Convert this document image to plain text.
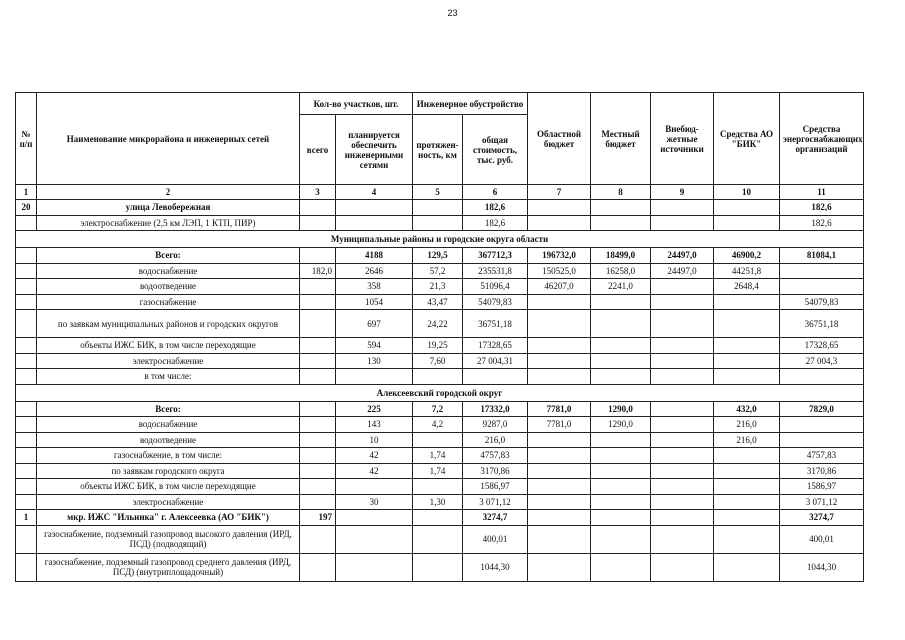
23
№ п/п	Наименование микрорайона и инженерных сетей	Кол-во участков, шт.		Инженерное обустройство		Областной бюджет	Местный бюджет	Внебюд-жетные источники	Средства АО "БИК"	Средства энергоснабжающих организаций
		всего	планируется обеспечить инженерными сетями	протяжен-ность, км	общая стоимость, тыс. руб.					
1	2	3	4	5	6	7	8	9	10	11
20	улица Левобережная				182,6					182,6
	электроснабжение (2,5 км ЛЭП, 1 КТП, ПИР)				182,6					182,6
Муниципальные районы и городские округа области										
	Всего:		4188	129,5	367712,3	196732,0	18499,0	24497,0	46900,2	81084,1
	водоснабжение	182,0	2646	57,2	235531,8	150525,0	16258,0	24497,0	44251,8	
	водоотведение		358	21,3	51096,4	46207,0	2241,0		2648,4	
	газоснабжение		1054	43,47	54079,83					54079,83
	по заявкам муниципальных районов и городских округов		697	24,22	36751,18					36751,18
	объекты ИЖС БИК, в том числе переходящие		594	19,25	17328,65					17328,65
	электроснабжение		130	7,60	27 004,31					27 004,3
	в том числе:									
Алексеевский городской округ										
	Всего:		225	7,2	17332,0	7781,0	1290,0		432,0	7829,0
	водоснабжение		143	4,2	9287,0	7781,0	1290,0		216,0	
	водоотведение		10		216,0				216,0	
	газоснабжение, в том числе:		42	1,74	4757,83					4757,83
	по заявкам городского округа		42	1,74	3170,86					3170,86
	объекты ИЖС БИК, в том числе переходящие				1586,97					1586,97
	электроснабжение		30	1,30	3 071,12					3 071,12
1	мкр. ИЖС "Ильинка" г. Алексеевка (АО "БИК")	197			3274,7					3274,7
	газоснабжение, подземный газопровод высокого давления (ИРД, ПСД) (подводящий)				400,01					400,01
	газоснабжение, подземный газопровод среднего давления (ИРД, ПСД) (внутриплощадочный)				1044,30					1044,30
